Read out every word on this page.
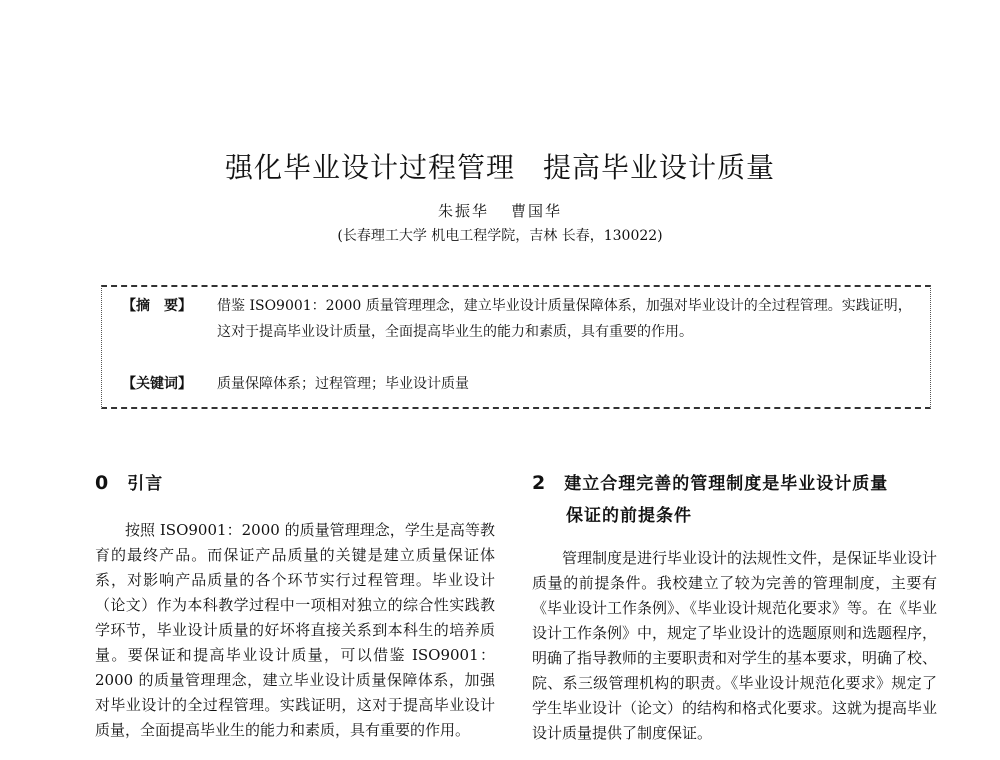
强化毕业设计过程管理 提高毕业设计质量
朱振华 曹国华
(长春理工大学 机电工程学院，吉林 长春，130022)
【摘　要】 借鉴 ISO9001：2000 质量管理理念，建立毕业设计质量保障体系，加强对毕业设计的全过程管理。实践证明，这对于提高毕业设计质量，全面提高毕业生的能力和素质，具有重要的作用。
【关键词】 质量保障体系；过程管理；毕业设计质量
0 引言

按照 ISO9001：2000 的质量管理理念，学生是高等教育的最终产品。而保证产品质量的关键是建立质量保证体系，对影响产品质量的各个环节实行过程管理。毕业设计（论文）作为本科教学过程中一项相对独立的综合性实践教学环节，毕业设计质量的好坏将直接关系到本科生的培养质量。要保证和提高毕业设计质量，可以借鉴 ISO9001：2000 的质量管理理念，建立毕业设计质量保障体系，加强对毕业设计的全过程管理。实践证明，这对于提高毕业设计质量，全面提高毕业生的能力和素质，具有重要的作用。

2 建立合理完善的管理制度是毕业设计质量
保证的前提条件

管理制度是进行毕业设计的法规性文件，是保证毕业设计质量的前提条件。我校建立了较为完善的管理制度，主要有《毕业设计工作条例》、《毕业设计规范化要求》等。在《毕业设计工作条例》中，规定了毕业设计的选题原则和选题程序，明确了指导教师的主要职责和对学生的基本要求，明确了校、院、系三级管理机构的职责。《毕业设计规范化要求》规定了学生毕业设计（论文）的结构和格式化要求。这就为提高毕业设计质量提供了制度保证。
